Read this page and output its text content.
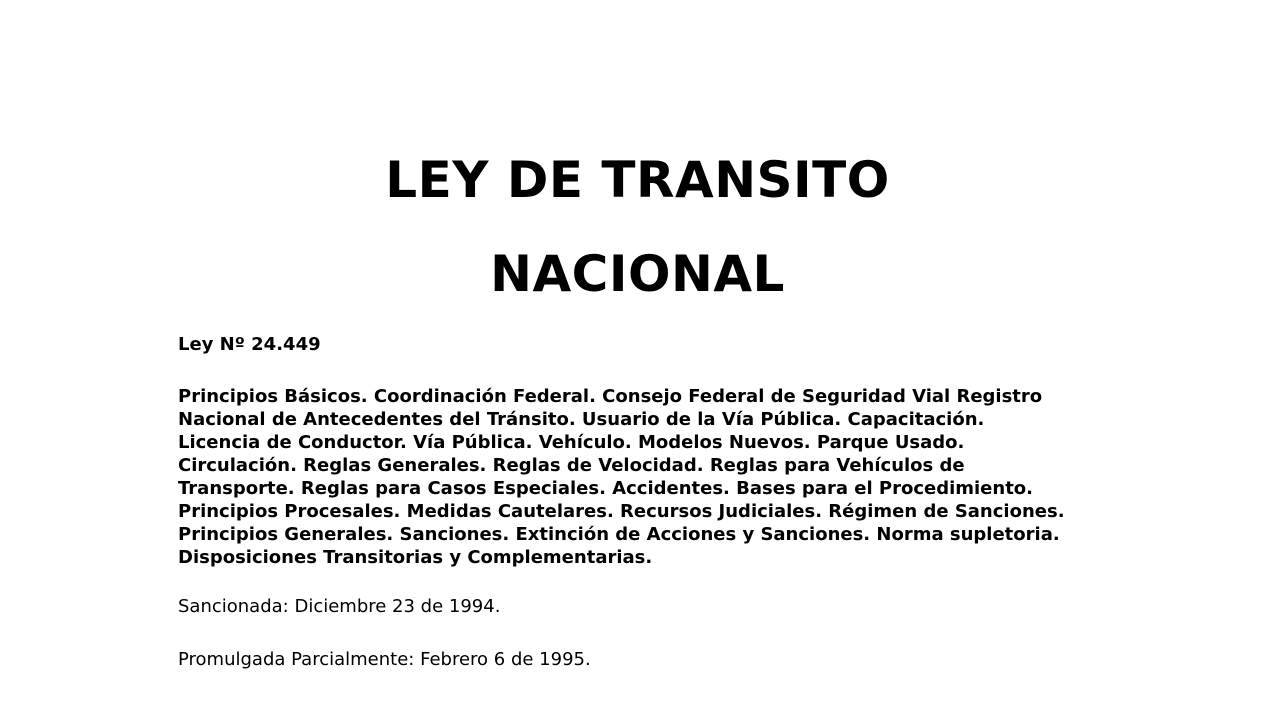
LEY DE TRANSITO
NACIONAL
Ley Nº 24.449

Principios Básicos. Coordinación Federal. Consejo Federal de Seguridad Vial Registro
Nacional de Antecedentes del Tránsito. Usuario de la Vía Pública. Capacitación.
Licencia de Conductor. Vía Pública. Vehículo. Modelos Nuevos. Parque Usado.
Circulación. Reglas Generales. Reglas de Velocidad. Reglas para Vehículos de
Transporte. Reglas para Casos Especiales. Accidentes. Bases para el Procedimiento.
Principios Procesales. Medidas Cautelares. Recursos Judiciales. Régimen de Sanciones.
Principios Generales. Sanciones. Extinción de Acciones y Sanciones. Norma supletoria.
Disposiciones Transitorias y Complementarias.

Sancionada: Diciembre 23 de 1994.
Promulgada Parcialmente: Febrero 6 de 1995.
